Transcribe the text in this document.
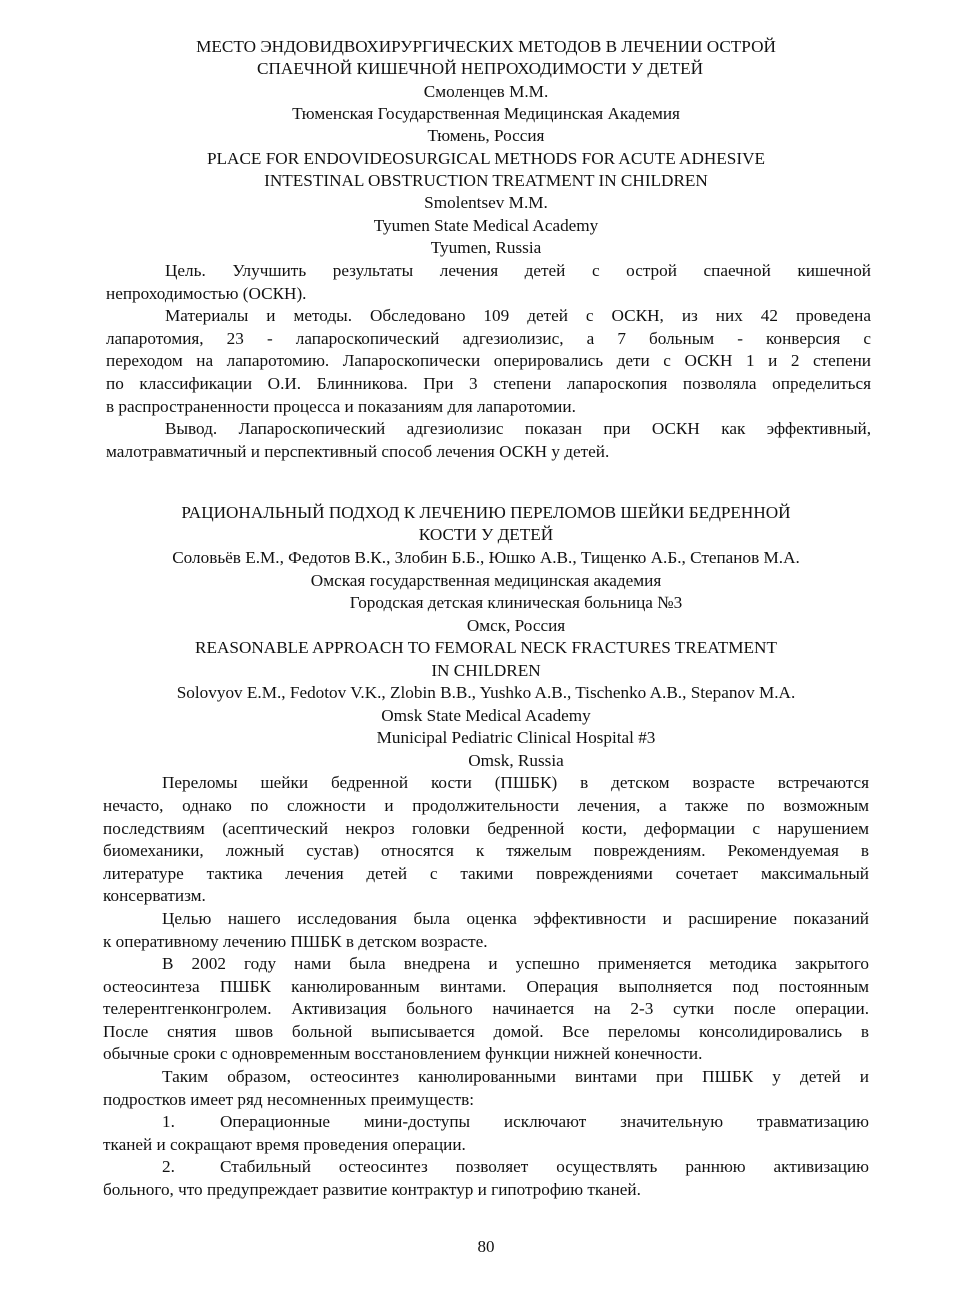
МЕСТО ЭНДОВИДВОХИРУРГИЧЕСКИХ МЕТОДОВ В ЛЕЧЕНИИ ОСТРОЙ
СПАЕЧНОЙ КИШЕЧНОЙ НЕПРОХОДИМОСТИ У ДЕТЕЙ
Смоленцев М.М.
Тюменская Государственная Медицинская Академия
Тюмень, Россия
PLACE FOR ENDOVIDEOSURGICAL METHODS FOR ACUTE ADHESIVE
INTESTINAL OBSTRUCTION TREATMENT IN CHILDREN
Smolentsev M.M.
Tyumen State Medical Academy
Tyumen, Russia
Цель. Улучшить результаты лечения детей с острой спаечной кишечной
непроходимостью (ОСКН).
Материалы и методы. Обследовано 109 детей с ОСКН, из них 42 проведена
лапаротомия, 23 - лапароскопический адгезиолизис, а 7 больным - конверсия с
переходом на лапаротомию. Лапароскопически оперировались дети с ОСКН 1 и 2 степени
по классификации О.И. Блинникова. При 3 степени лапароскопия позволяла определиться
в распространенности процесса и показаниям для лапаротомии.
Вывод. Лапароскопический адгезиолизис показан при ОСКН как эффективный,
малотравматичный и перспективный способ лечения ОСКН у детей.
РАЦИОНАЛЬНЫЙ ПОДХОД К ЛЕЧЕНИЮ ПЕРЕЛОМОВ ШЕЙКИ БЕДРЕННОЙ
КОСТИ У ДЕТЕЙ
Соловьёв Е.М., Федотов В.К., Злобин Б.Б., Юшко А.В., Тищенко А.Б., Степанов М.А.
Омская государственная медицинская академия
Городская детская клиническая больница №3
Омск, Россия
REASONABLE APPROACH TO FEMORAL NECK FRACTURES TREATMENT
IN CHILDREN
Solovyov E.M., Fedotov V.K., Zlobin B.B., Yushko A.B., Tischenko A.B., Stepanov M.A.
Omsk State Medical Academy
Municipal Pediatric Clinical Hospital #3
Omsk, Russia
Переломы шейки бедренной кости (ПШБК) в детском возрасте встречаются
нечасто, однако по сложности и продолжительности лечения, а также по возможным
последствиям (асептический некроз головки бедренной кости, деформации с нарушением
биомеханики, ложный сустав) относятся к тяжелым повреждениям. Рекомендуемая в
литературе тактика лечения детей с такими повреждениями сочетает максимальный
консерватизм.
Целью нашего исследования была оценка эффективности и расширение показаний
к оперативному лечению ПШБК в детском возрасте.
В 2002 году нами была внедрена и успешно применяется методика закрытого
остеосинтеза ПШБК канюлированным винтами. Операция выполняется под постоянным
телерентгенконгролем. Активизация больного начинается на 2-3 сутки после операции.
После снятия швов больной выписывается домой. Все переломы консолидировались в
обычные сроки с одновременным восстановлением функции нижней конечности.
Таким образом, остеосинтез канюлированными винтами при ПШБК у детей и
подростков имеет ряд несомненных преимуществ:
1.	Операционные мини-доступы исключают значительную травматизацию
тканей и сокращают время проведения операции.
2.	Стабильный остеосинтез позволяет осуществлять раннюю активизацию
больного, что предупреждает развитие контрактур и гипотрофию тканей.
80
